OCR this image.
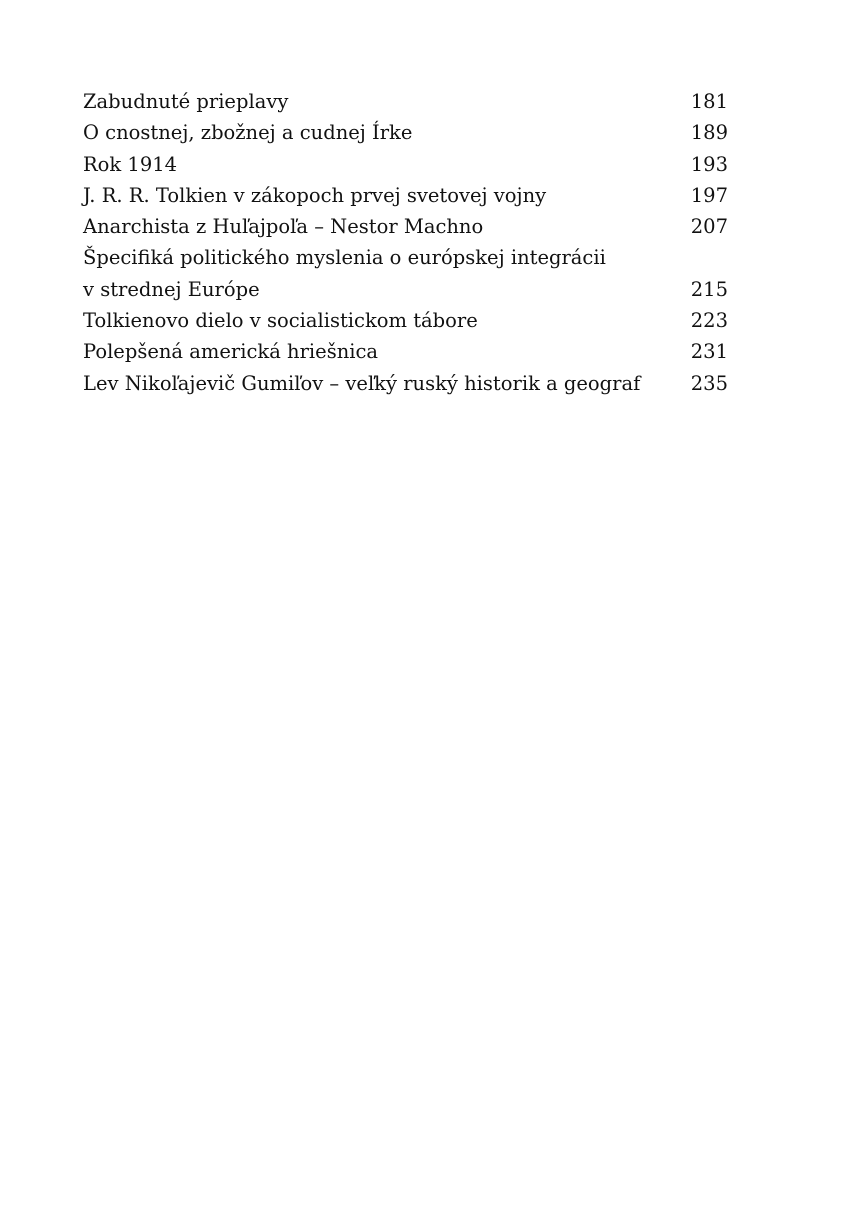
Zabudnuté prieplavy	181
O cnostnej, zbožnej a cudnej Írke	189
Rok 1914	193
J. R. R. Tolkien v zákopoch prvej svetovej vojny	197
Anarchista z Huľajpoľa – Nestor Machno	207
Špecifiká politického myslenia o európskej integrácii
v strednej Európe	215
Tolkienovo dielo v socialistickom tábore	223
Polepšená americká hriešnica	231
Lev Nikoľajevič Gumiľov – veľký ruský historik a geograf	235
